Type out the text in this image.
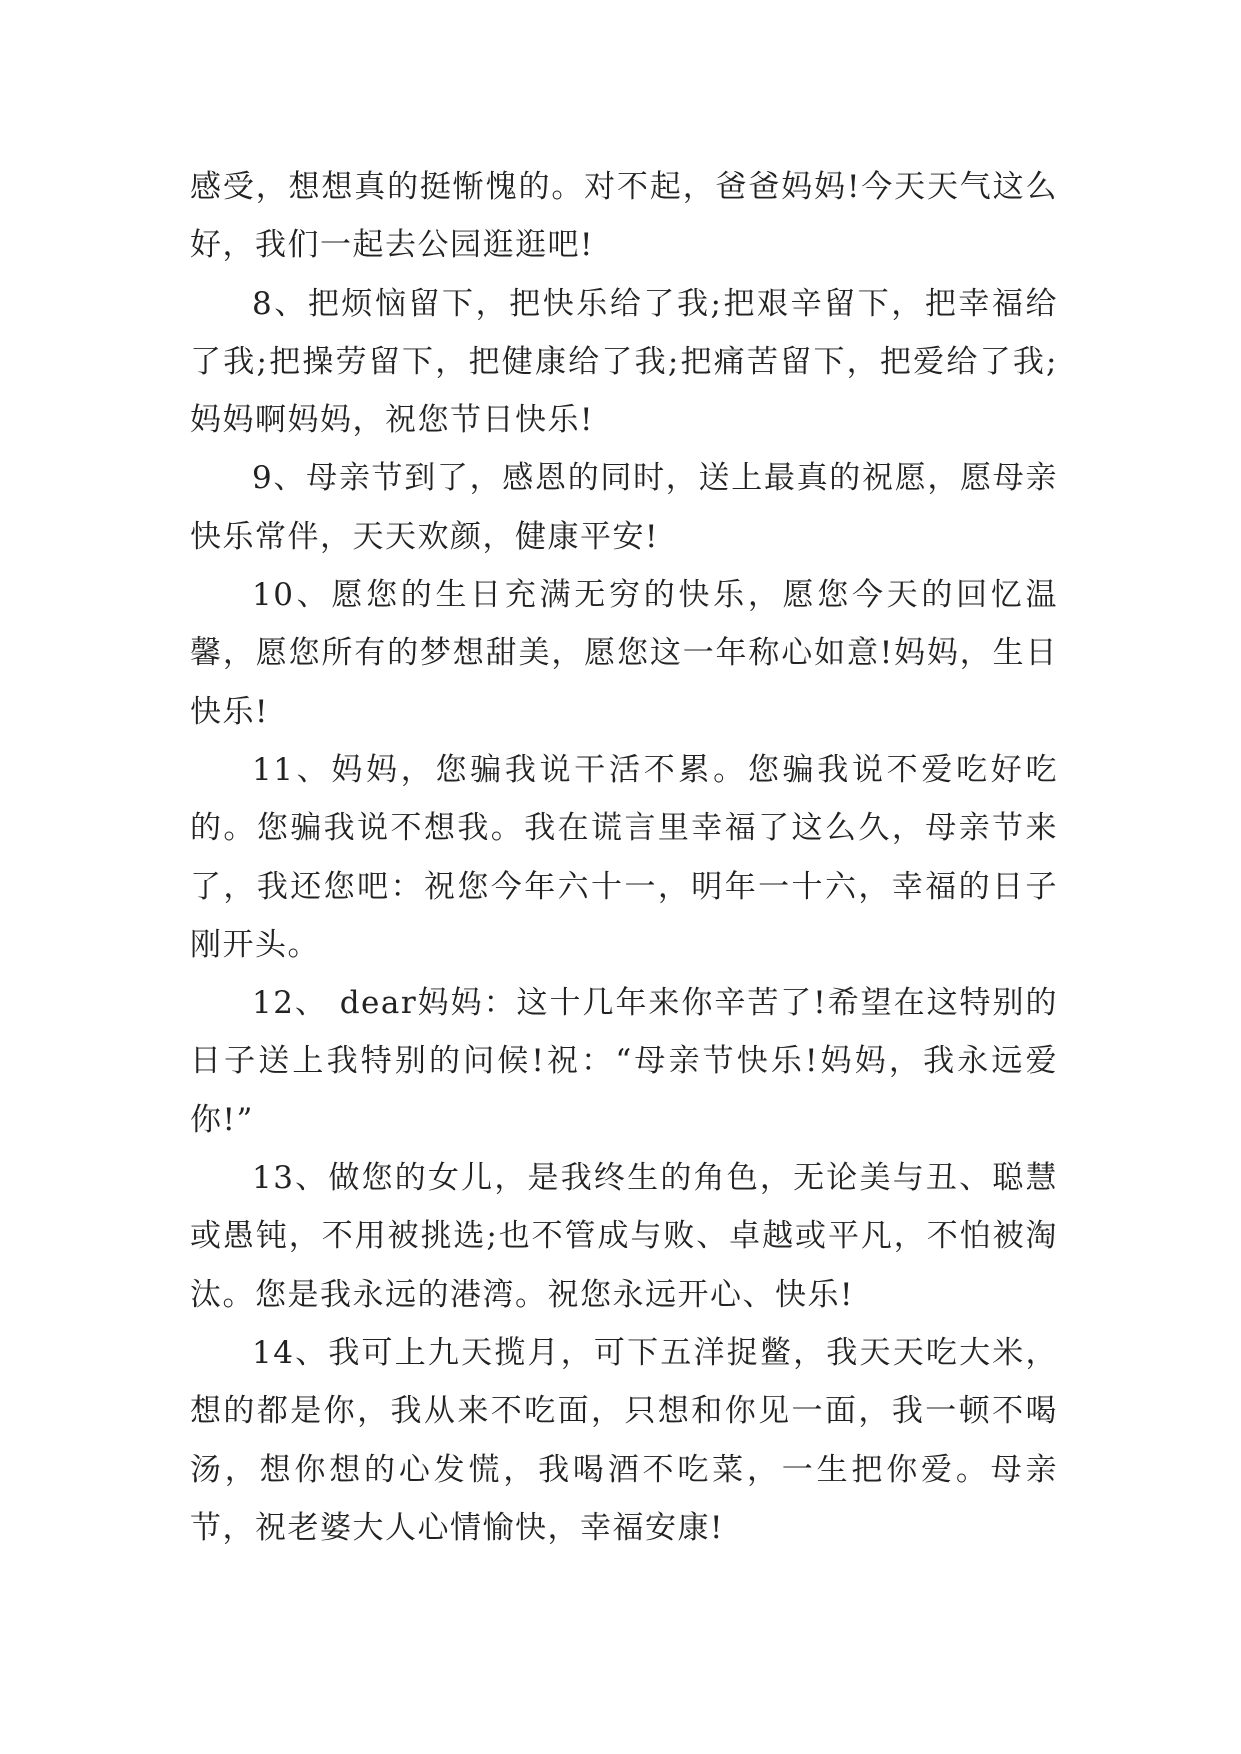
感受，想想真的挺惭愧的。对不起，爸爸妈妈!今天天气这么好，我们一起去公园逛逛吧!

8、把烦恼留下，把快乐给了我;把艰辛留下，把幸福给了我;把操劳留下，把健康给了我;把痛苦留下，把爱给了我;妈妈啊妈妈，祝您节日快乐!

9、母亲节到了，感恩的同时，送上最真的祝愿，愿母亲快乐常伴，天天欢颜，健康平安!

10、愿您的生日充满无穷的快乐，愿您今天的回忆温馨，愿您所有的梦想甜美，愿您这一年称心如意!妈妈，生日快乐!

11、妈妈，您骗我说干活不累。您骗我说不爱吃好吃的。您骗我说不想我。我在谎言里幸福了这么久，母亲节来了，我还您吧：祝您今年六十一，明年一十六，幸福的日子刚开头。

12、 dear妈妈：这十几年来你辛苦了!希望在这特别的日子送上我特别的问候!祝：“母亲节快乐!妈妈，我永远爱你!”

13、做您的女儿，是我终生的角色，无论美与丑、聪慧或愚钝，不用被挑选;也不管成与败、卓越或平凡，不怕被淘汰。您是我永远的港湾。祝您永远开心、快乐!

14、我可上九天揽月，可下五洋捉鳖，我天天吃大米，想的都是你，我从来不吃面，只想和你见一面，我一顿不喝汤，想你想的心发慌，我喝酒不吃菜，一生把你爱。母亲节，祝老婆大人心情愉快，幸福安康!
